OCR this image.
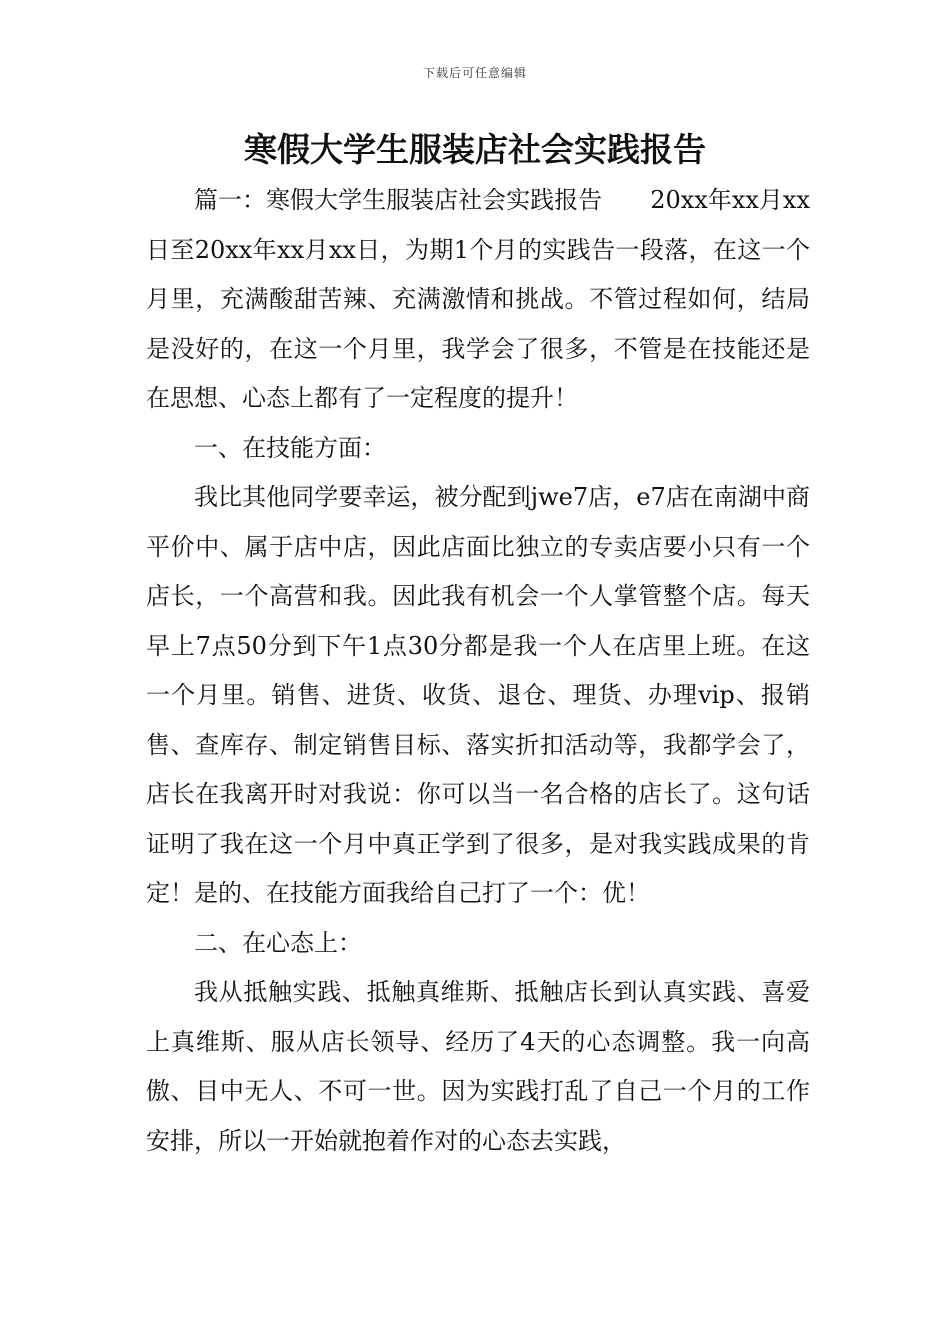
下载后可任意编辑
寒假大学生服装店社会实践报告

篇一：寒假大学生服装店社会实践报告　　20xx年xx月xx日至20xx年xx月xx日，为期1个月的实践告一段落，在这一个月里，充满酸甜苦辣、充满激情和挑战。不管过程如何，结局是没好的，在这一个月里，我学会了很多，不管是在技能还是在思想、心态上都有了一定程度的提升！

一、在技能方面：

我比其他同学要幸运，被分配到jwe7店，e7店在南湖中商平价中、属于店中店，因此店面比独立的专卖店要小只有一个店长，一个高营和我。因此我有机会一个人掌管整个店。每天早上7点50分到下午1点30分都是我一个人在店里上班。在这一个月里。销售、进货、收货、退仓、理货、办理vip、报销售、查库存、制定销售目标、落实折扣活动等，我都学会了，店长在我离开时对我说：你可以当一名合格的店长了。这句话证明了我在这一个月中真正学到了很多，是对我实践成果的肯定！是的、在技能方面我给自己打了一个：优！

二、在心态上：

我从抵触实践、抵触真维斯、抵触店长到认真实践、喜爱上真维斯、服从店长领导、经历了4天的心态调整。我一向高傲、目中无人、不可一世。因为实践打乱了自己一个月的工作安排，所以一开始就抱着作对的心态去实践，
